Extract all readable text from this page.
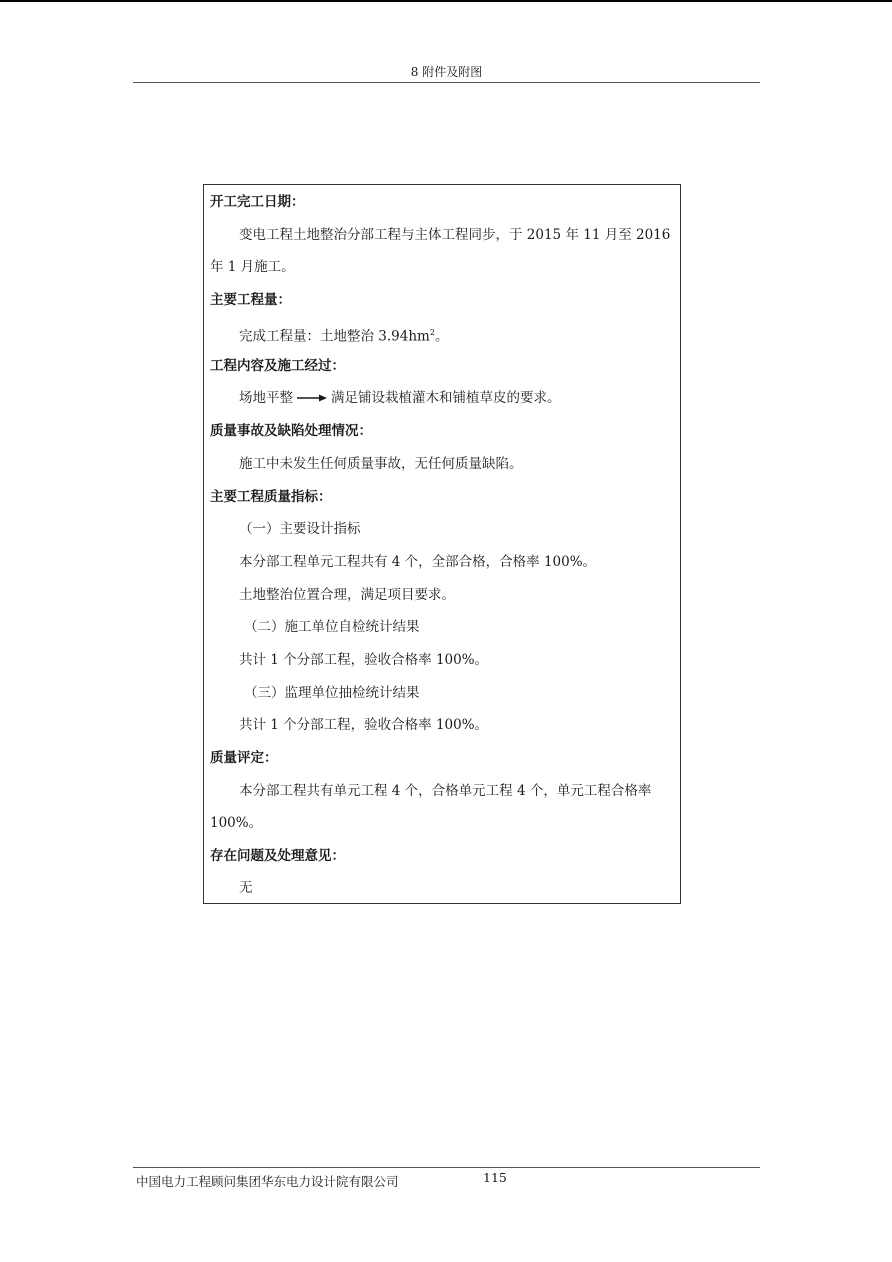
8 附件及附图
开工完工日期：
变电工程土地整治分部工程与主体工程同步，于 2015 年 11 月至 2016
年 1 月施工。
主要工程量：
完成工程量：土地整治 $3.94hm^2$。
工程内容及施工经过：
场地平整	满足铺设栽植灌木和铺植草皮的要求。
质量事故及缺陷处理情况：
施工中未发生任何质量事故，无任何质量缺陷。
主要工程质量指标：
（一）主要设计指标
本分部工程单元工程共有 4 个，全部合格，合格率 100%。
土地整治位置合理，满足项目要求。
（二）施工单位自检统计结果
共计 1 个分部工程，验收合格率 100%。
（三）监理单位抽检统计结果
共计 1 个分部工程，验收合格率 100%。
质量评定：
本分部工程共有单元工程 4 个，合格单元工程 4 个，单元工程合格率
100%。
存在问题及处理意见：
无
中国电力工程顾问集团华东电力设计院有限公司	115
